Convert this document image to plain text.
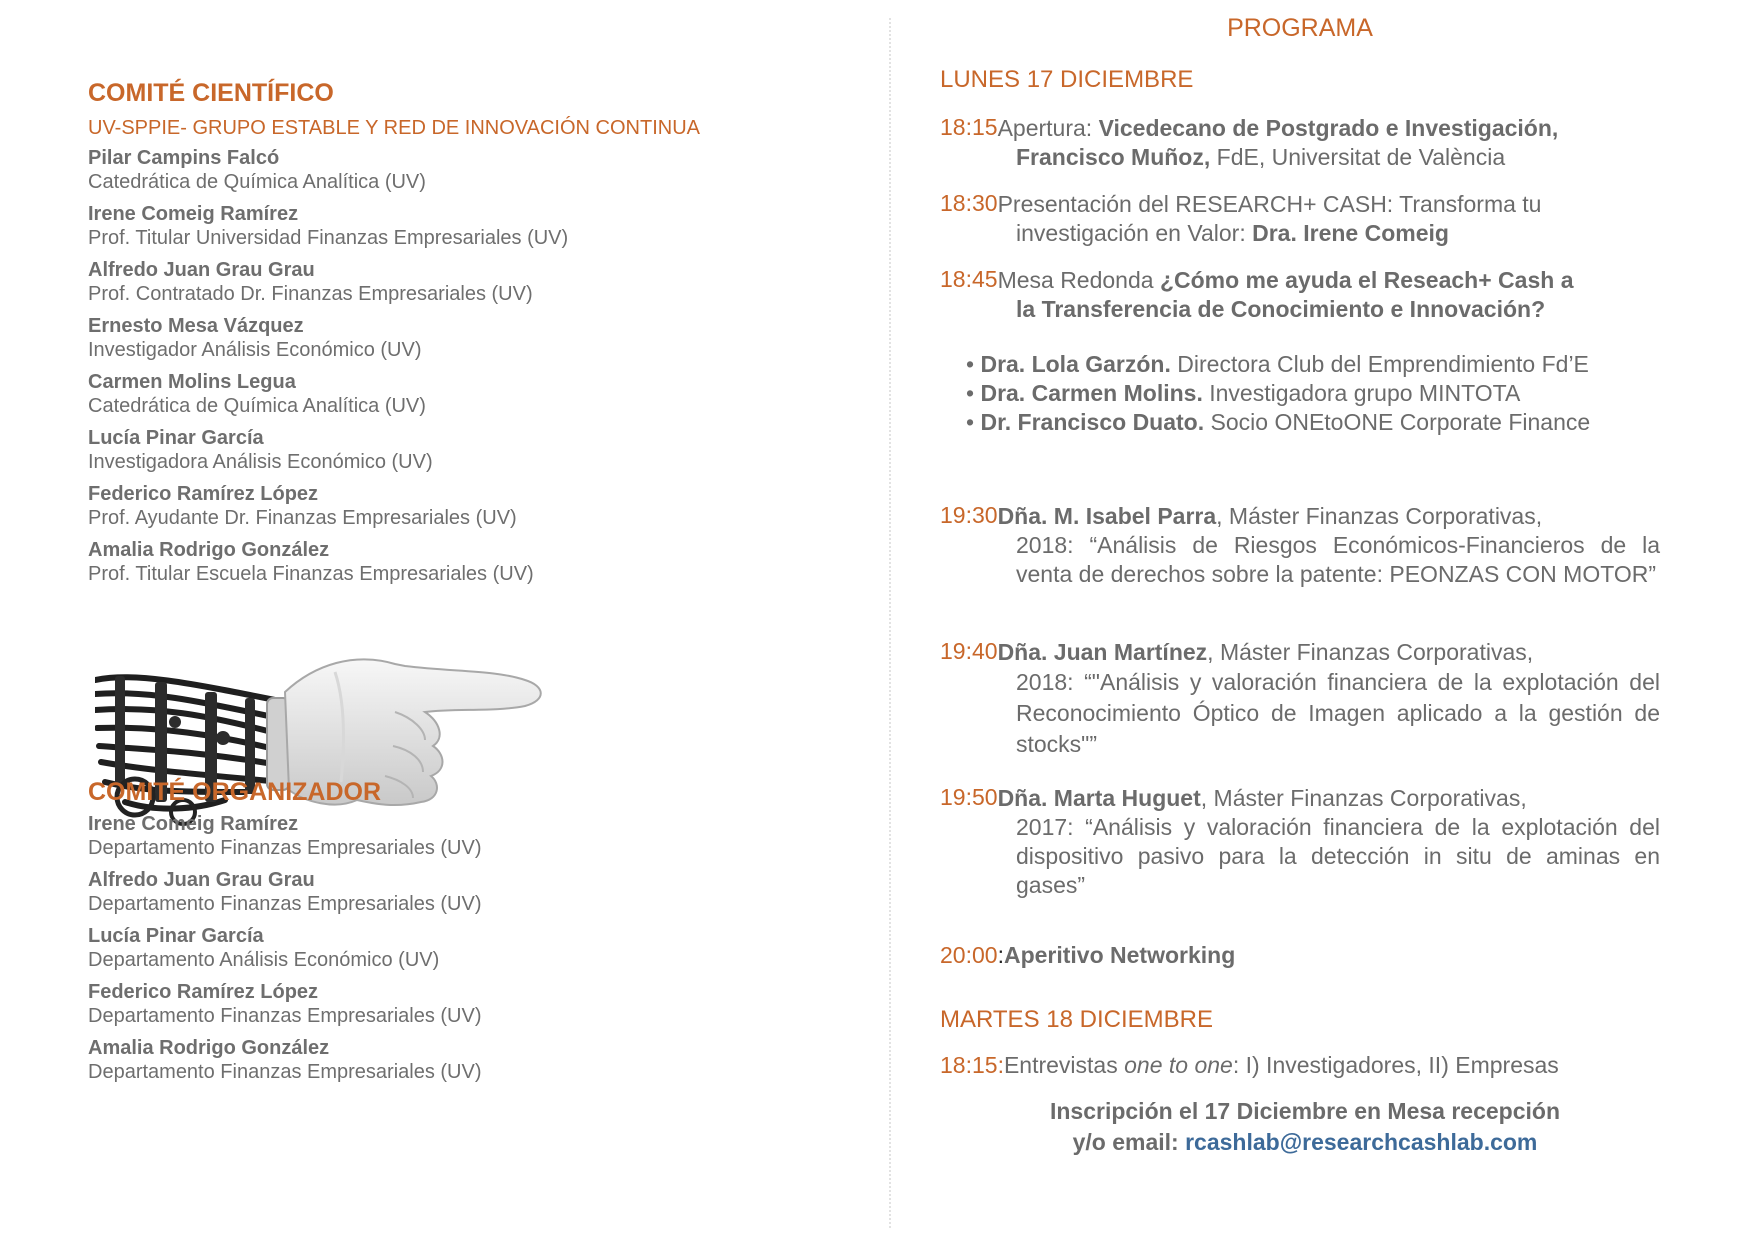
COMITÉ CIENTÍFICO
UV-SPPIE- GRUPO ESTABLE Y RED DE INNOVACIÓN CONTINUA
Pilar Campins Falcó
Catedrática de Química Analítica (UV)
Irene Comeig Ramírez
Prof. Titular Universidad Finanzas Empresariales (UV)
Alfredo Juan Grau Grau
Prof. Contratado Dr. Finanzas Empresariales (UV)
Ernesto Mesa Vázquez
Investigador Análisis Económico (UV)
Carmen Molins Legua
Catedrática de Química Analítica (UV)
Lucía Pinar García
Investigadora Análisis Económico (UV)
Federico Ramírez López
Prof. Ayudante Dr. Finanzas Empresariales (UV)
Amalia Rodrigo González
Prof. Titular Escuela Finanzas Empresariales (UV)
COMITÉ ORGANIZADOR
Irene Comeig Ramírez
Departamento Finanzas Empresariales (UV)
Alfredo Juan Grau Grau
Departamento Finanzas Empresariales (UV)
Lucía Pinar García
Departamento Análisis Económico (UV)
Federico Ramírez López
Departamento Finanzas Empresariales (UV)
Amalia Rodrigo González
Departamento Finanzas Empresariales (UV)
PROGRAMA
LUNES 17 DICIEMBRE
18:15 Apertura: Vicedecano de Postgrado e Investigación,
Francisco Muñoz, FdE, Universitat de València
18:30 Presentación del RESEARCH+ CASH: Transforma tu
investigación en Valor: Dra. Irene Comeig
18:45 Mesa Redonda ¿Cómo me ayuda el Reseach+ Cash a
la Transferencia de Conocimiento e Innovación?
• Dra. Lola Garzón. Directora Club del Emprendimiento Fd’E
• Dra. Carmen Molins. Investigadora grupo MINTOTA
• Dr. Francisco Duato. Socio ONEtoONE Corporate Finance
19:30 Dña. M. Isabel Parra, Máster Finanzas Corporativas,
2018: “Análisis de Riesgos Económicos-Financieros de la venta de derechos sobre la patente: PEONZAS CON MOTOR”
19:40 Dña. Juan Martínez, Máster Finanzas Corporativas,
2018: “"Análisis y valoración financiera de la explotación del Reconocimiento Óptico de Imagen aplicado a la gestión de stocks"”
19:50 Dña. Marta Huguet, Máster Finanzas Corporativas,
2017: “Análisis y valoración financiera de la explotación del dispositivo pasivo para la detección in situ de aminas en gases”
20:00 : Aperitivo Networking
MARTES 18 DICIEMBRE
18:15 : Entrevistas one to one: I) Investigadores, II) Empresas
Inscripción el 17 Diciembre en Mesa recepción
y/o email: rcashlab@researchcashlab.com
